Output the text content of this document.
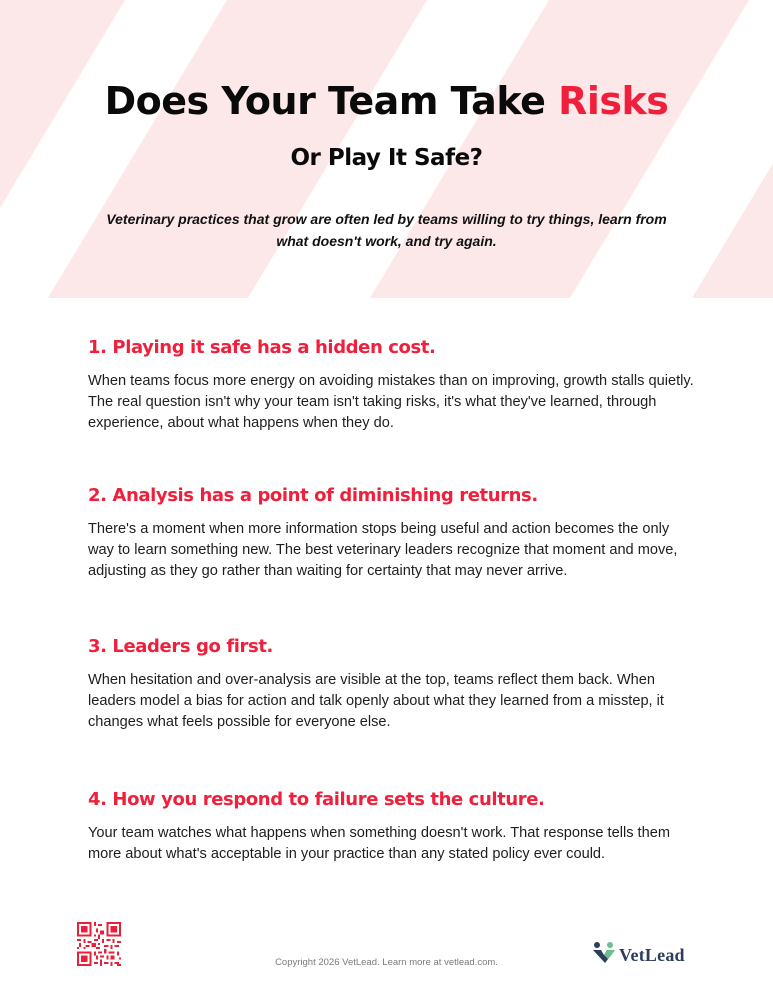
Does Your Team Take Risks
Or Play It Safe?
Veterinary practices that grow are often led by teams willing to try things, learn from what doesn't work, and try again.
1. Playing it safe has a hidden cost.

When teams focus more energy on avoiding mistakes than on improving, growth stalls quietly. The real question isn't why your team isn't taking risks, it's what they've learned, through experience, about what happens when they do.

2. Analysis has a point of diminishing returns.

There's a moment when more information stops being useful and action becomes the only way to learn something new. The best veterinary leaders recognize that moment and move, adjusting as they go rather than waiting for certainty that may never arrive.

3. Leaders go first.

When hesitation and over-analysis are visible at the top, teams reflect them back. When leaders model a bias for action and talk openly about what they learned from a misstep, it changes what feels possible for everyone else.

4. How you respond to failure sets the culture.

Your team watches what happens when something doesn't work. That response tells them more about what's acceptable in your practice than any stated policy ever could.

Copyright 2026 VetLead. Learn more at vetlead.com.	VetLead
